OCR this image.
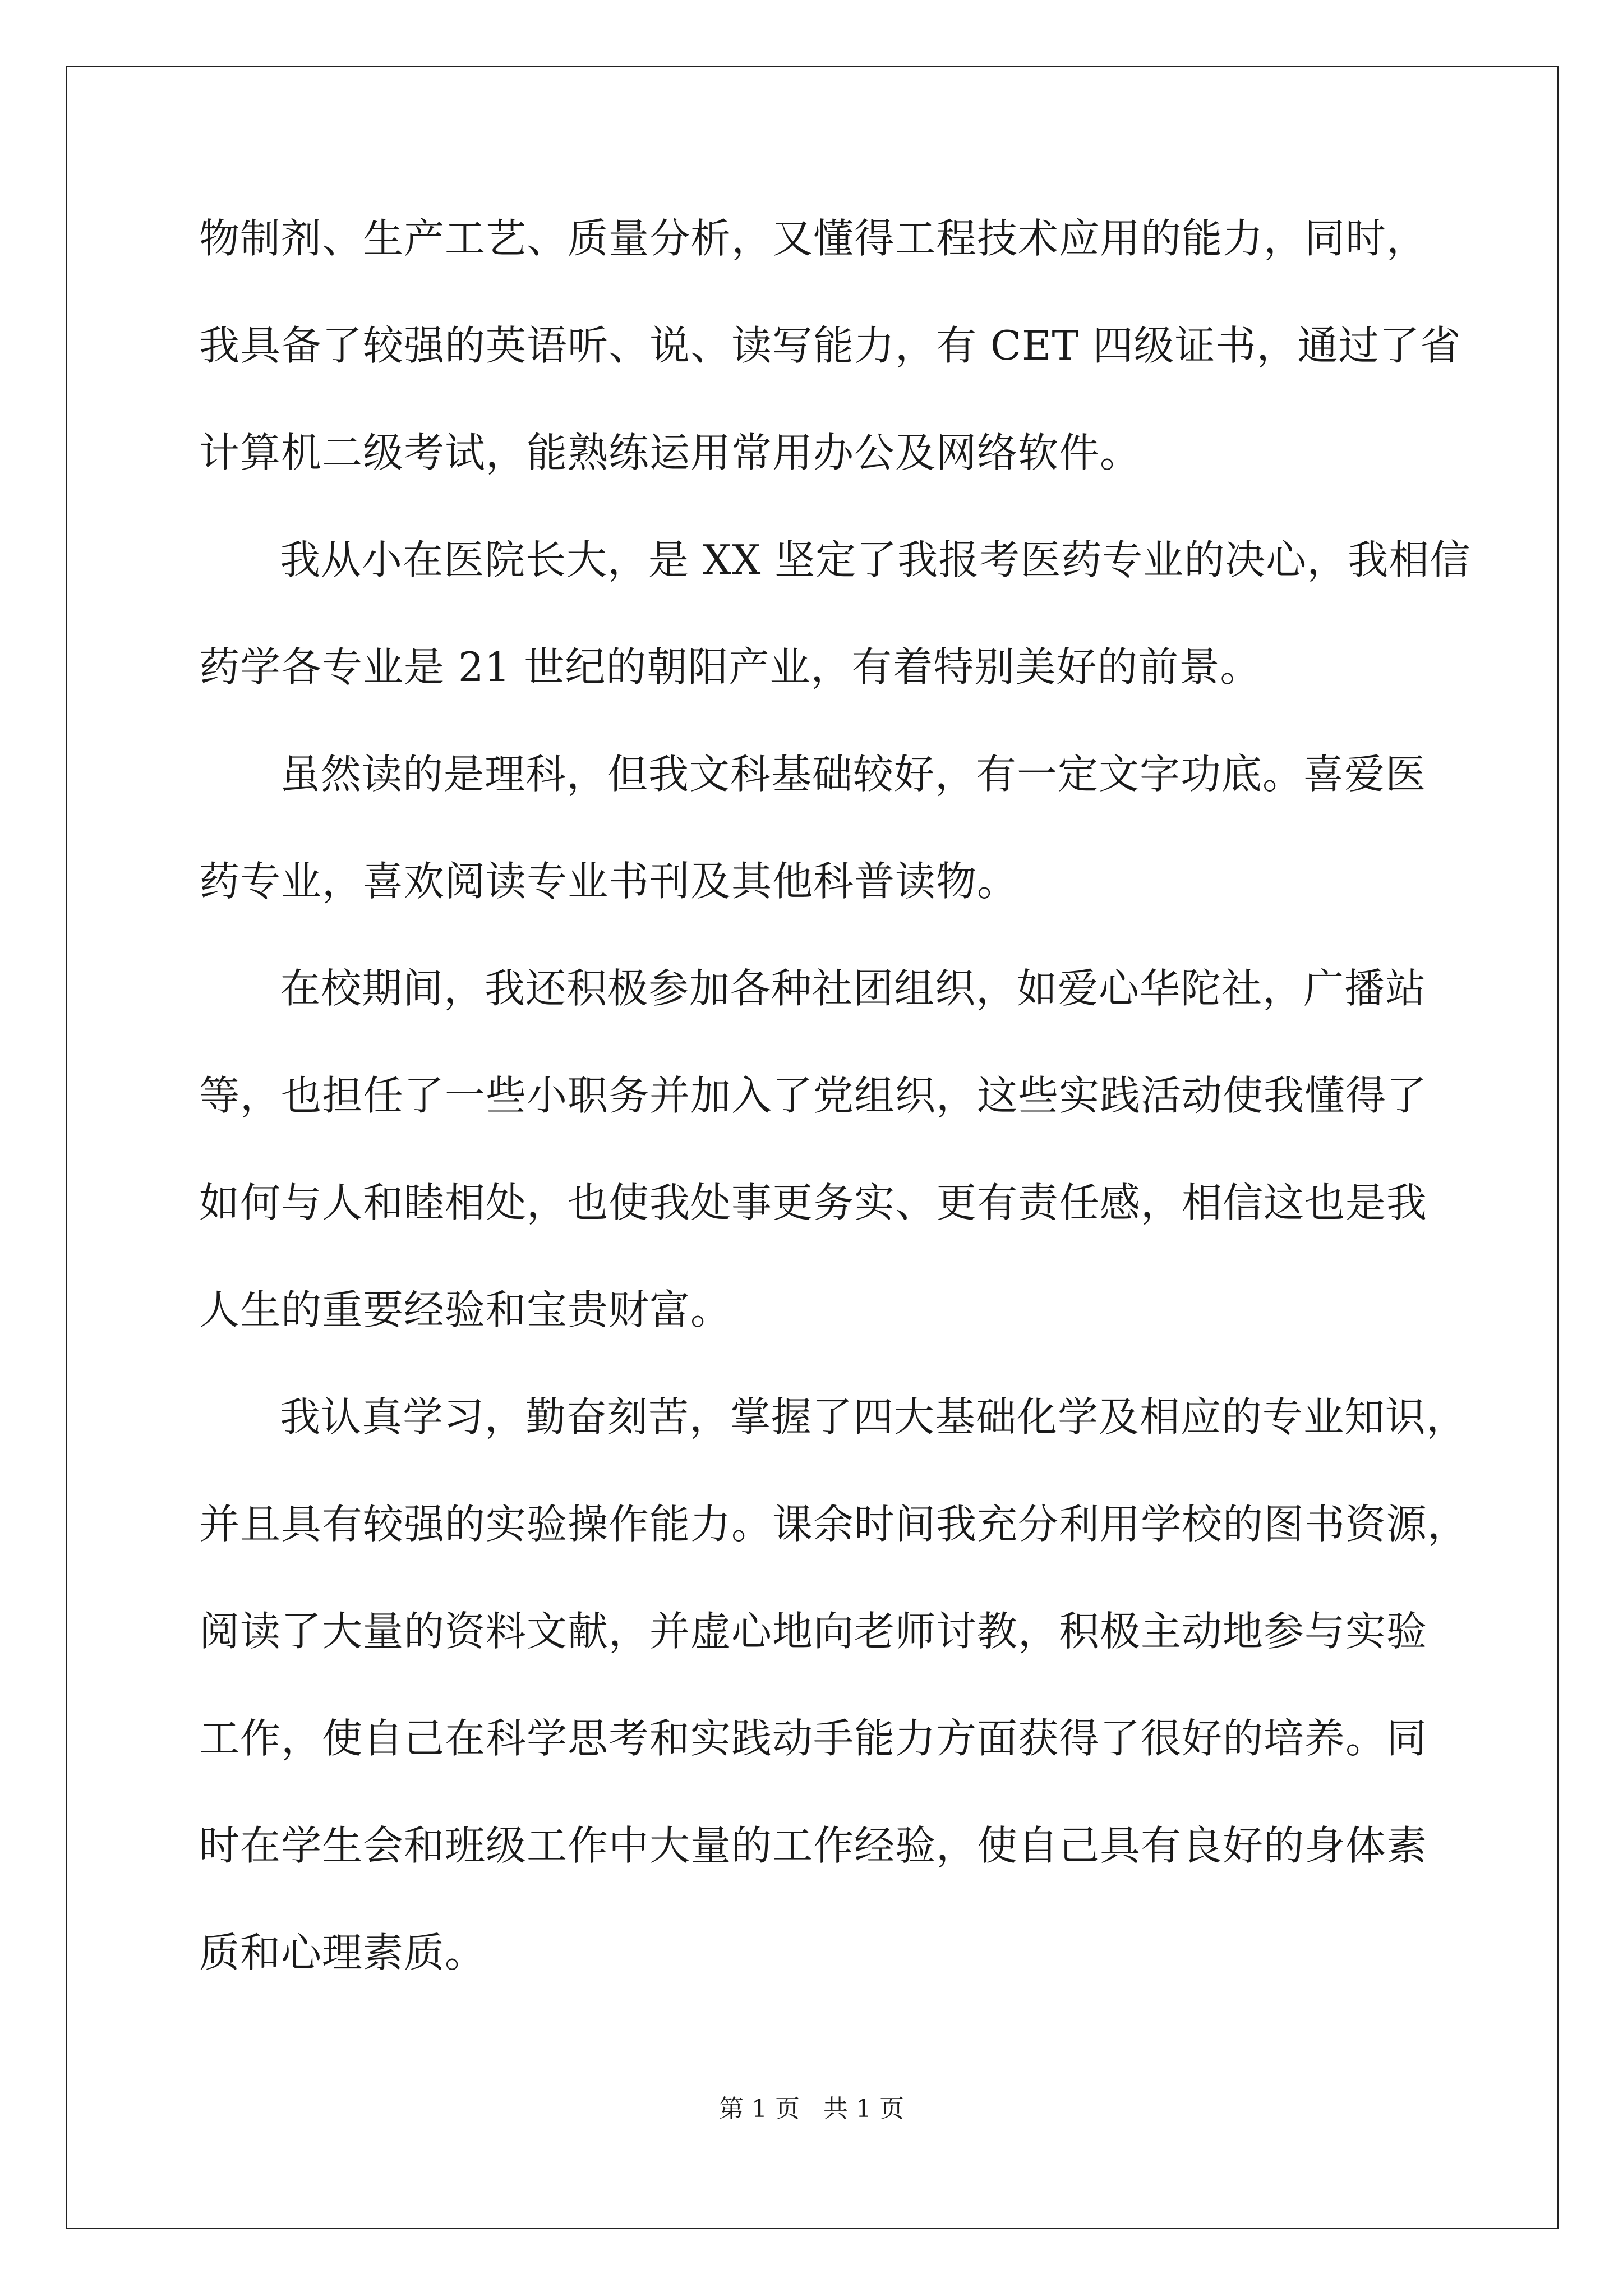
物制剂、生产工艺、质量分析，又懂得工程技术应用的能力，同时，
我具备了较强的英语听、说、读写能力，有 CET 四级证书，通过了省
计算机二级考试，能熟练运用常用办公及网络软件。
我从小在医院长大，是 XX 坚定了我报考医药专业的决心，我相信
药学各专业是 21 世纪的朝阳产业，有着特别美好的前景。
虽然读的是理科，但我文科基础较好，有一定文字功底。喜爱医
药专业，喜欢阅读专业书刊及其他科普读物。
在校期间，我还积极参加各种社团组织，如爱心华陀社，广播站
等，也担任了一些小职务并加入了党组织，这些实践活动使我懂得了
如何与人和睦相处，也使我处事更务实、更有责任感，相信这也是我
人生的重要经验和宝贵财富。
我认真学习，勤奋刻苦，掌握了四大基础化学及相应的专业知识，
并且具有较强的实验操作能力。课余时间我充分利用学校的图书资源，
阅读了大量的资料文献，并虚心地向老师讨教，积极主动地参与实验
工作，使自己在科学思考和实践动手能力方面获得了很好的培养。同
时在学生会和班级工作中大量的工作经验，使自己具有良好的身体素
质和心理素质。
第 1 页   共 1 页
